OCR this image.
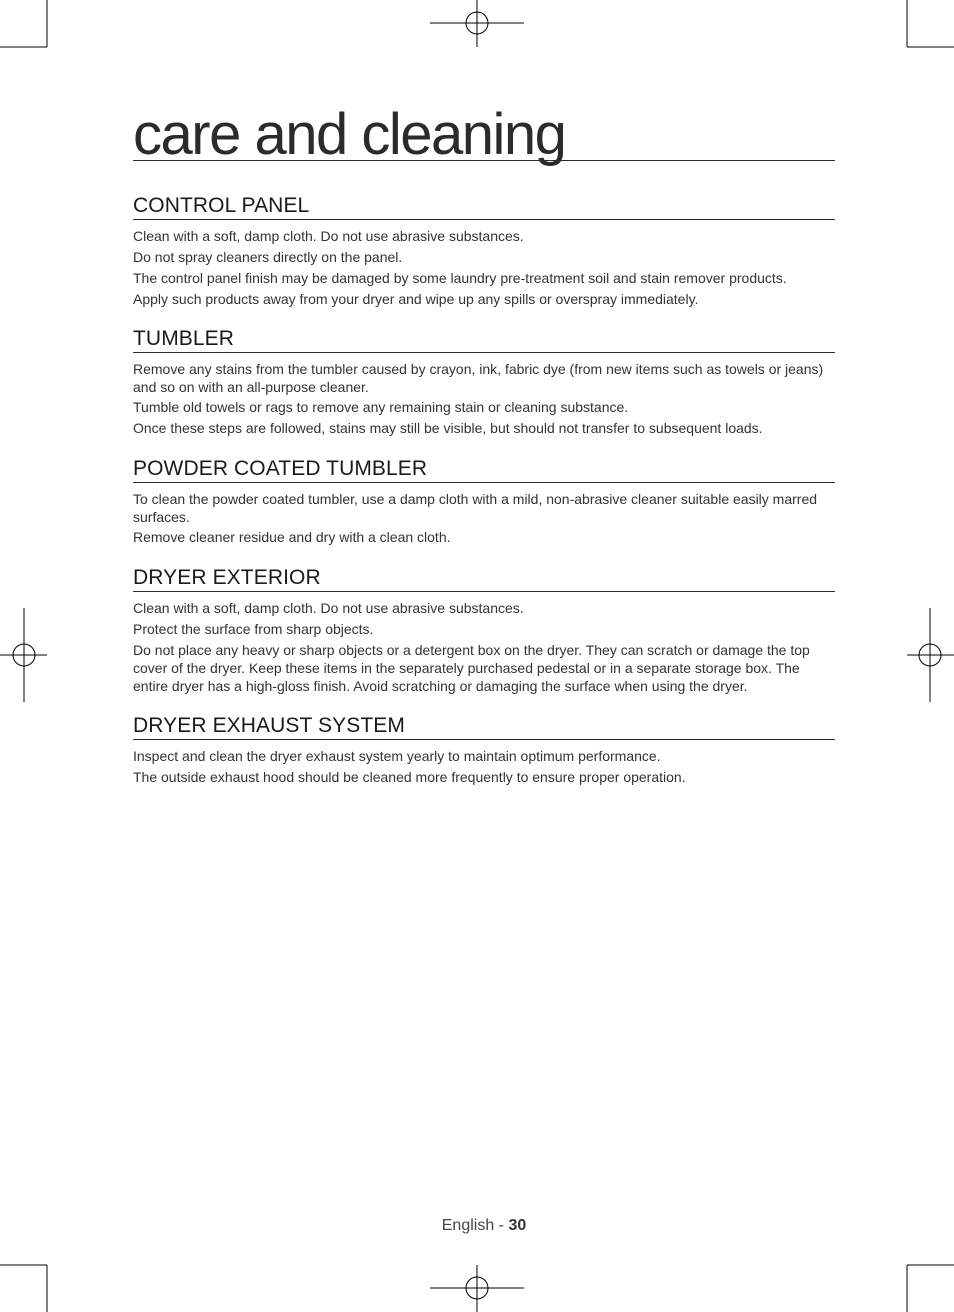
care and cleaning
CONTROL PANEL

Clean with a soft, damp cloth. Do not use abrasive substances.

Do not spray cleaners directly on the panel.

The control panel finish may be damaged by some laundry pre-treatment soil and stain remover products.

Apply such products away from your dryer and wipe up any spills or overspray immediately.

TUMBLER

Remove any stains from the tumbler caused by crayon, ink, fabric dye (from new items such as towels or jeans) and so on with an all-purpose cleaner.

Tumble old towels or rags to remove any remaining stain or cleaning substance.

Once these steps are followed, stains may still be visible, but should not transfer to subsequent loads.

POWDER COATED TUMBLER

To clean the powder coated tumbler, use a damp cloth with a mild, non-abrasive cleaner suitable easily marred surfaces.

Remove cleaner residue and dry with a clean cloth.

DRYER EXTERIOR

Clean with a soft, damp cloth. Do not use abrasive substances.

Protect the surface from sharp objects.

Do not place any heavy or sharp objects or a detergent box on the dryer. They can scratch or damage the top cover of the dryer. Keep these items in the separately purchased pedestal or in a separate storage box. The entire dryer has a high-gloss finish. Avoid scratching or damaging the surface when using the dryer.

DRYER EXHAUST SYSTEM

Inspect and clean the dryer exhaust system yearly to maintain optimum performance.

The outside exhaust hood should be cleaned more frequently to ensure proper operation.

English - 30
